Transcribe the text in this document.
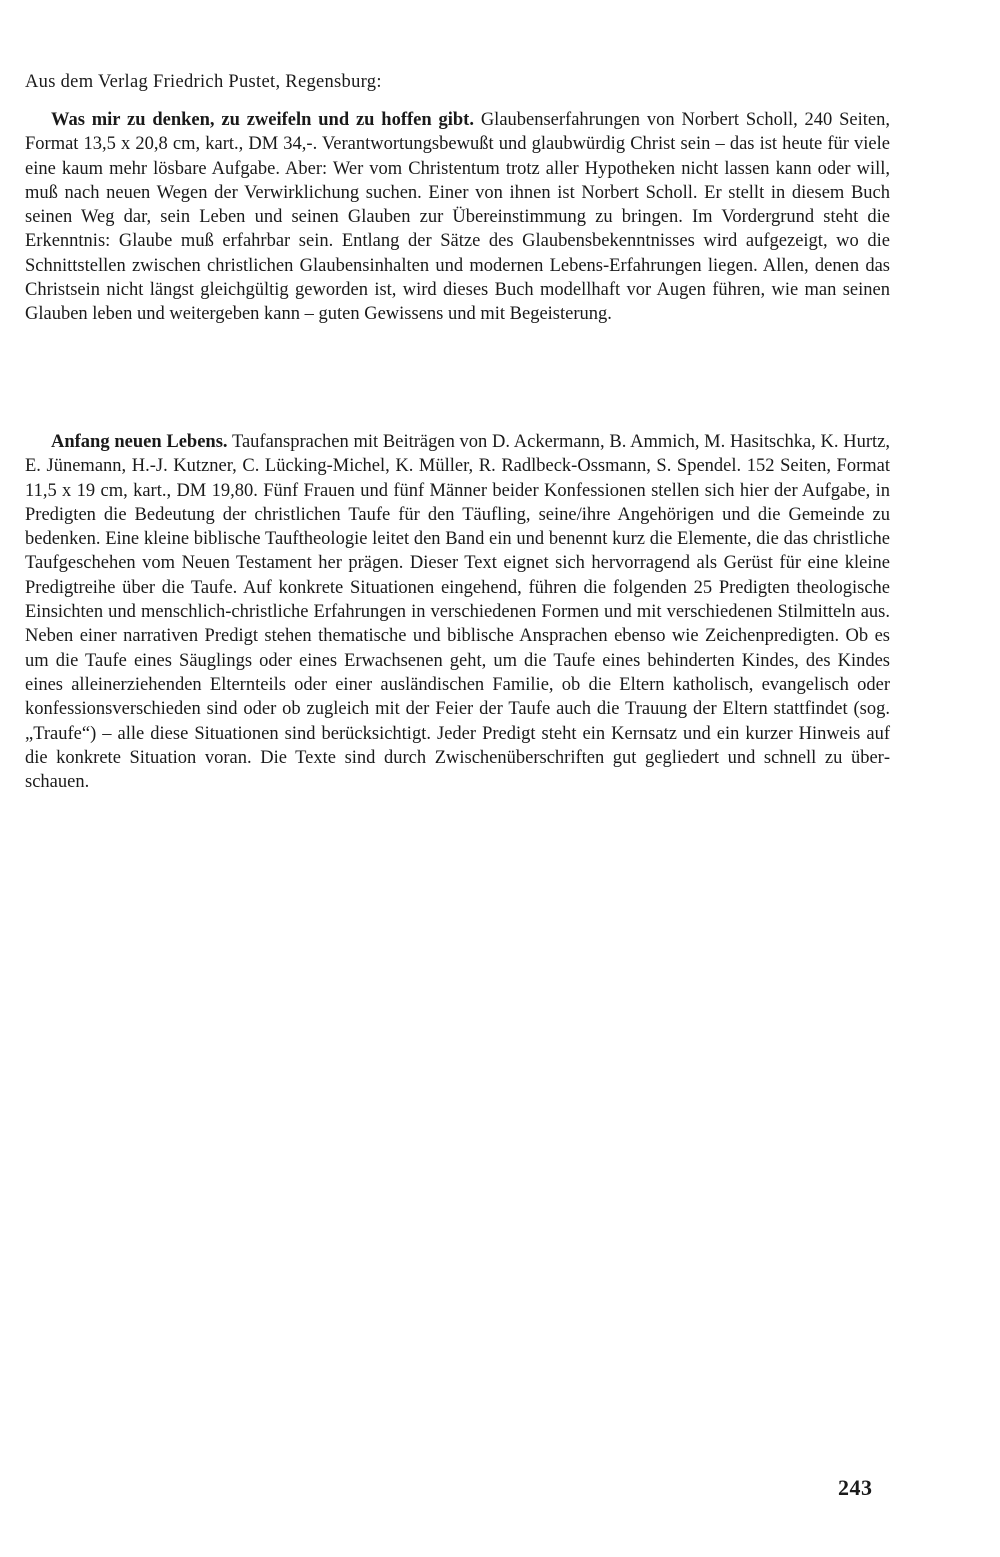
Aus dem Verlag Friedrich Pustet, Regensburg:
Was mir zu denken, zu zweifeln und zu hoffen gibt. Glaubenserfahrungen von Norbert Scholl, 240 Seiten, Format 13,5 x 20,8 cm, kart., DM 34,-. Verantwortungsbewußt und glaubwürdig Christ sein – das ist heute für viele eine kaum mehr lösbare Aufgabe. Aber: Wer vom Christentum trotz aller Hypotheken nicht lassen kann oder will, muß nach neuen Wegen der Verwirklichung suchen. Einer von ihnen ist Norbert Scholl. Er stellt in diesem Buch seinen Weg dar, sein Leben und seinen Glauben zur Übereinstimmung zu bringen. Im Vordergrund steht die Erkenntnis: Glaube muß erfahrbar sein. Entlang der Sätze des Glaubensbekenntnisses wird aufgezeigt, wo die Schnittstellen zwischen christlichen Glaubensinhalten und modernen Lebens-Erfahrungen liegen. Allen, denen das Christsein nicht längst gleichgültig geworden ist, wird dieses Buch modellhaft vor Augen führen, wie man seinen Glauben leben und weitergeben kann – guten Gewissens und mit Begeisterung.
Anfang neuen Lebens. Taufansprachen mit Beiträgen von D. Ackermann, B. Ammich, M. Hasitschka, K. Hurtz, E. Jünemann, H.-J. Kutzner, C. Lücking-Michel, K. Müller, R. Radlbeck-Ossmann, S. Spendel. 152 Seiten, Format 11,5 x 19 cm, kart., DM 19,80. Fünf Frauen und fünf Männer beider Konfessionen stellen sich hier der Aufgabe, in Predigten die Bedeutung der christlichen Taufe für den Täufling, seine/ihre Angehörigen und die Gemeinde zu bedenken. Eine kleine biblische Tauftheologie leitet den Band ein und benennt kurz die Elemente, die das christliche Taufgeschehen vom Neuen Testament her prägen. Dieser Text eignet sich hervorragend als Gerüst für eine kleine Predigtreihe über die Taufe. Auf konkrete Situationen eingehend, führen die folgenden 25 Predigten theologische Einsichten und menschlich-christliche Erfahrungen in verschiedenen Formen und mit verschiedenen Stilmitteln aus. Neben einer narrativen Predigt stehen thematische und biblische Ansprachen ebenso wie Zeichenpredigten. Ob es um die Taufe eines Säuglings oder eines Erwachsenen geht, um die Taufe eines behinderten Kindes, des Kindes eines alleinerziehenden Elternteils oder einer ausländischen Familie, ob die Eltern katholisch, evangelisch oder konfessionsverschieden sind oder ob zugleich mit der Feier der Taufe auch die Trauung der Eltern stattfindet (sog. „Traufe“) – alle diese Situationen sind berücksichtigt. Jeder Predigt steht ein Kernsatz und ein kurzer Hinweis auf die konkrete Situation voran. Die Texte sind durch Zwischenüberschriften gut gegliedert und schnell zu überschauen.
243
